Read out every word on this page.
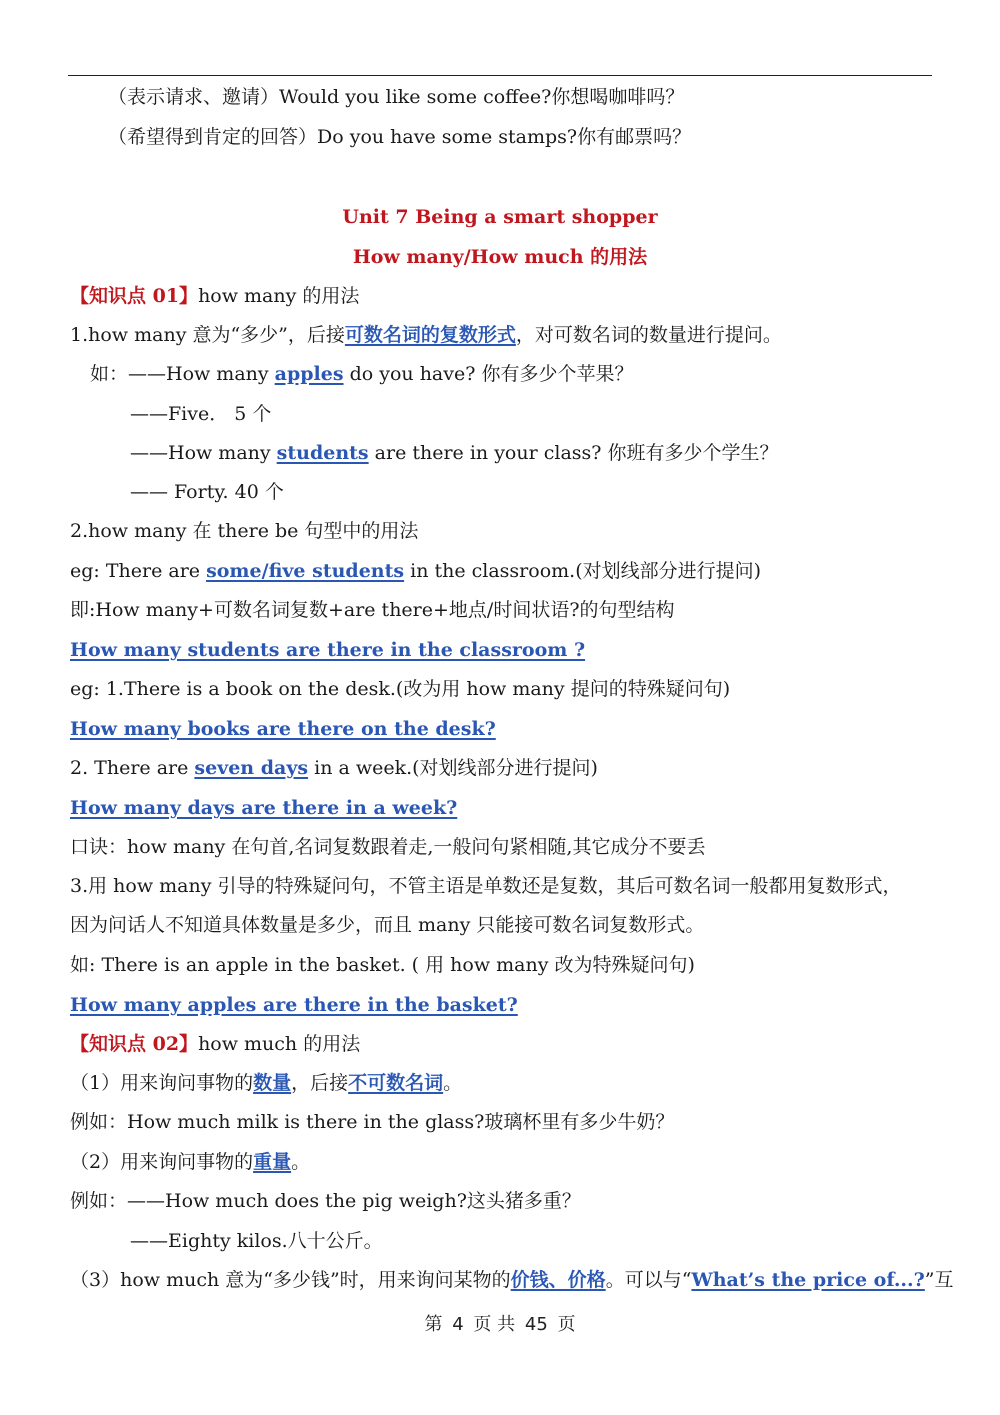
（表示请求、邀请）Would you like some coffee?你想喝咖啡吗？
（希望得到肯定的回答）Do you have some stamps?你有邮票吗？
Unit 7 Being a smart shopper
How many/How much 的用法
【知识点 01】how many 的用法
1.how many 意为“多少”，后接可数名词的复数形式，对可数名词的数量进行提问。
如：——How many apples do you have? 你有多少个苹果？
——Five． 5 个
——How many students are there in your class? 你班有多少个学生？
—— Forty. 40 个
2.how many 在 there be 句型中的用法
eg: There are some/five students in the classroom.(对划线部分进行提问)
即:How many+可数名词复数+are there+地点/时间状语?的句型结构
How many students are there in the classroom ?
eg: 1.There is a book on the desk.(改为用 how many 提问的特殊疑问句)
How many books are there on the desk?
2. There are seven days in a week.(对划线部分进行提问)
How many days are there in a week?
口诀：how many 在句首,名词复数跟着走,一般问句紧相随,其它成分不要丢
3.用 how many 引导的特殊疑问句，不管主语是单数还是复数，其后可数名词一般都用复数形式，
因为问话人不知道具体数量是多少，而且 many 只能接可数名词复数形式。
如: There is an apple in the basket. ( 用 how many 改为特殊疑问句)
How many apples are there in the basket?
【知识点 02】how much 的用法
（1）用来询问事物的数量，后接不可数名词。
例如：How much milk is there in the glass?玻璃杯里有多少牛奶？
（2）用来询问事物的重量。
例如：——How much does the pig weigh?这头猪多重？
——Eighty kilos.八十公斤。
（3）how much 意为“多少钱”时，用来询问某物的价钱、价格。可以与“What’s the price of...?”互
第 4 页 共 45 页
